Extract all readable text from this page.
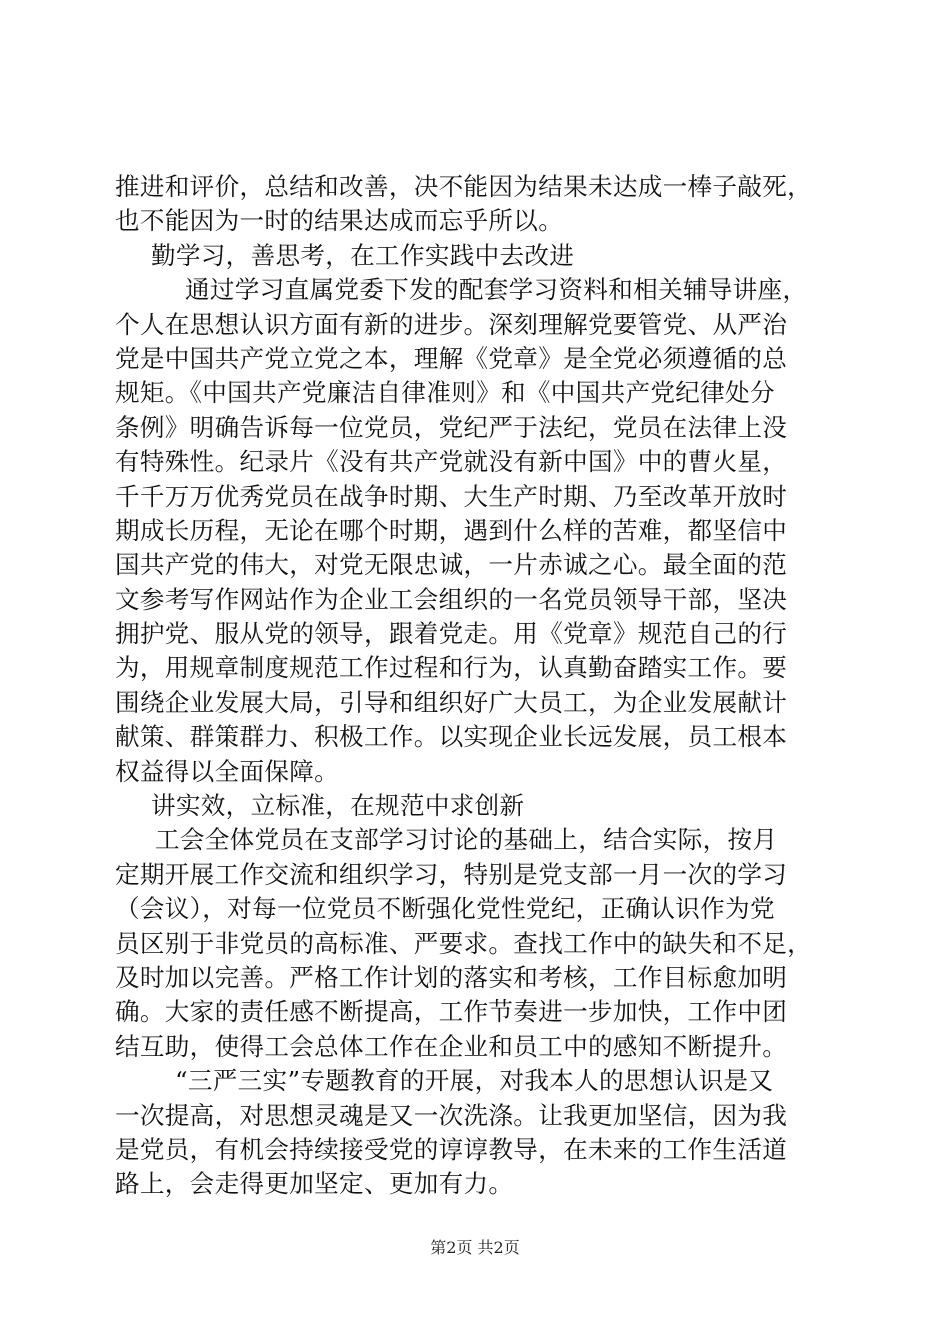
推进和评价，总结和改善，决不能因为结果未达成一棒子敲死，
也不能因为一时的结果达成而忘乎所以。
勤学习，善思考，在工作实践中去改进
通过学习直属党委下发的配套学习资料和相关辅导讲座，
个人在思想认识方面有新的进步。深刻理解党要管党、从严治
党是中国共产党立党之本，理解《党章》是全党必须遵循的总
规矩。《中国共产党廉洁自律准则》和《中国共产党纪律处分
条例》明确告诉每一位党员，党纪严于法纪，党员在法律上没
有特殊性。纪录片《没有共产党就没有新中国》中的曹火星，
千千万万优秀党员在战争时期、大生产时期、乃至改革开放时
期成长历程，无论在哪个时期，遇到什么样的苦难，都坚信中
国共产党的伟大，对党无限忠诚，一片赤诚之心。最全面的范
文参考写作网站作为企业工会组织的一名党员领导干部，坚决
拥护党、服从党的领导，跟着党走。用《党章》规范自己的行
为，用规章制度规范工作过程和行为，认真勤奋踏实工作。要
围绕企业发展大局，引导和组织好广大员工，为企业发展献计
献策、群策群力、积极工作。以实现企业长远发展，员工根本
权益得以全面保障。
讲实效，立标准，在规范中求创新
工会全体党员在支部学习讨论的基础上，结合实际，按月
定期开展工作交流和组织学习，特别是党支部一月一次的学习
（会议），对每一位党员不断强化党性党纪，正确认识作为党
员区别于非党员的高标准、严要求。查找工作中的缺失和不足，
及时加以完善。严格工作计划的落实和考核，工作目标愈加明
确。大家的责任感不断提高，工作节奏进一步加快，工作中团
结互助，使得工会总体工作在企业和员工中的感知不断提升。
“三严三实”专题教育的开展，对我本人的思想认识是又
一次提高，对思想灵魂是又一次洗涤。让我更加坚信，因为我
是党员，有机会持续接受党的谆谆教导，在未来的工作生活道
路上，会走得更加坚定、更加有力。
第2页 共2页
